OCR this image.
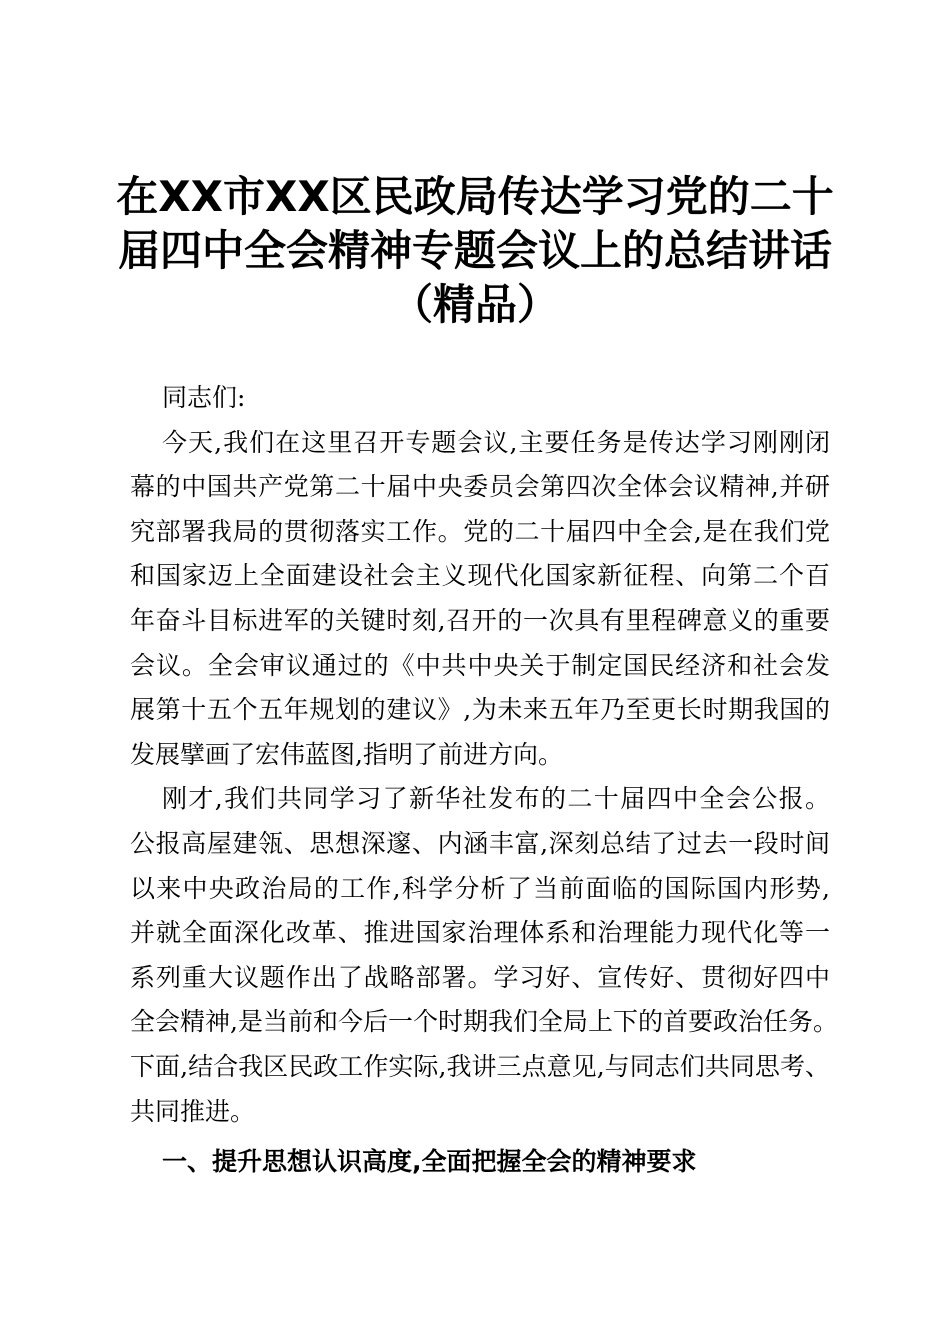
在XX市XX区民政局传达学习党的二十
届四中全会精神专题会议上的总结讲话
（精品）
同志们:
今天,我们在这里召开专题会议,主要任务是传达学习刚刚闭
幕的中国共产党第二十届中央委员会第四次全体会议精神,并研
究部署我局的贯彻落实工作。党的二十届四中全会,是在我们党
和国家迈上全面建设社会主义现代化国家新征程、向第二个百
年奋斗目标进军的关键时刻,召开的一次具有里程碑意义的重要
会议。全会审议通过的《中共中央关于制定国民经济和社会发
展第十五个五年规划的建议》,为未来五年乃至更长时期我国的
发展擘画了宏伟蓝图,指明了前进方向。
刚才,我们共同学习了新华社发布的二十届四中全会公报。
公报高屋建瓴、思想深邃、内涵丰富,深刻总结了过去一段时间
以来中央政治局的工作,科学分析了当前面临的国际国内形势,
并就全面深化改革、推进国家治理体系和治理能力现代化等一
系列重大议题作出了战略部署。学习好、宣传好、贯彻好四中
全会精神,是当前和今后一个时期我们全局上下的首要政治任务。
下面,结合我区民政工作实际,我讲三点意见,与同志们共同思考、
共同推进。
一、提升思想认识高度,全面把握全会的精神要求
